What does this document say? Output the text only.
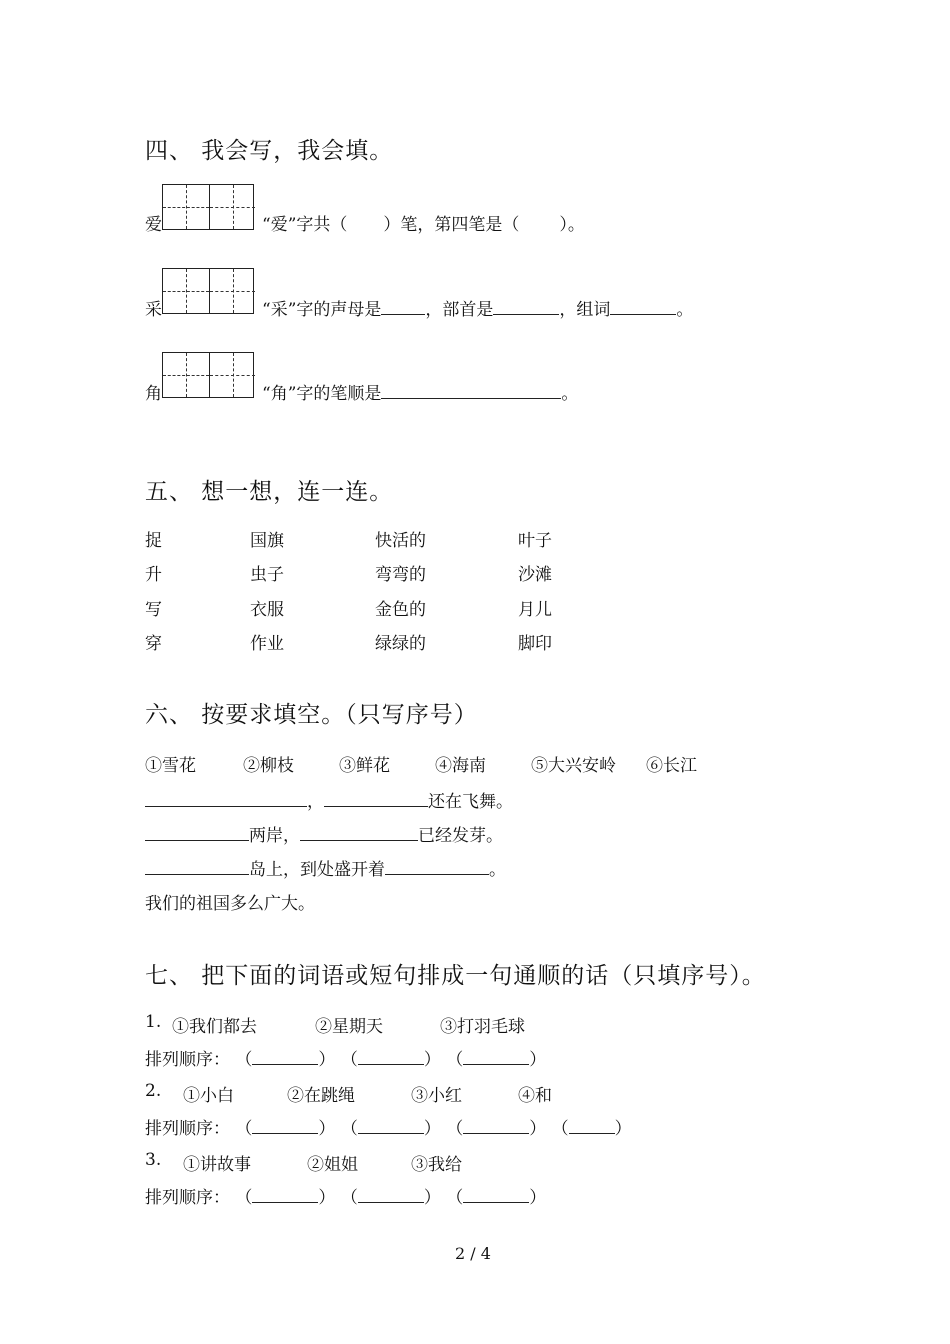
四、 我会写，我会填。
爱	“爱”字共（ ）笔，第四笔是（ ）。
采	“采”字的声母是	，部首是	，组词	。
角	“角”字的笔顺是	。
五、 想一想，连一连。
捉	国旗	快活的	叶子
升	虫子	弯弯的	沙滩
写	衣服	金色的	月儿
穿	作业	绿绿的	脚印
六、 按要求填空。（只写序号）
①雪花	②柳枝	③鲜花	④海南	⑤大兴安岭 ⑥长江
，	还在飞舞。
两岸，	已经发芽。
岛上，到处盛开着	。
我们的祖国多么广大。
七、 把下面的词语或短句排成一句通顺的话（只填序号）。
1. ①我们都去	②星期天	③打羽毛球
排列顺序： （	） （	） （	）
2. ①小白	②在跳绳	③小红	④和
排列顺序： （	） （	） （	） （	）
3. ①讲故事	②姐姐	③我给
排列顺序： （	） （	） （	）
2 / 4
